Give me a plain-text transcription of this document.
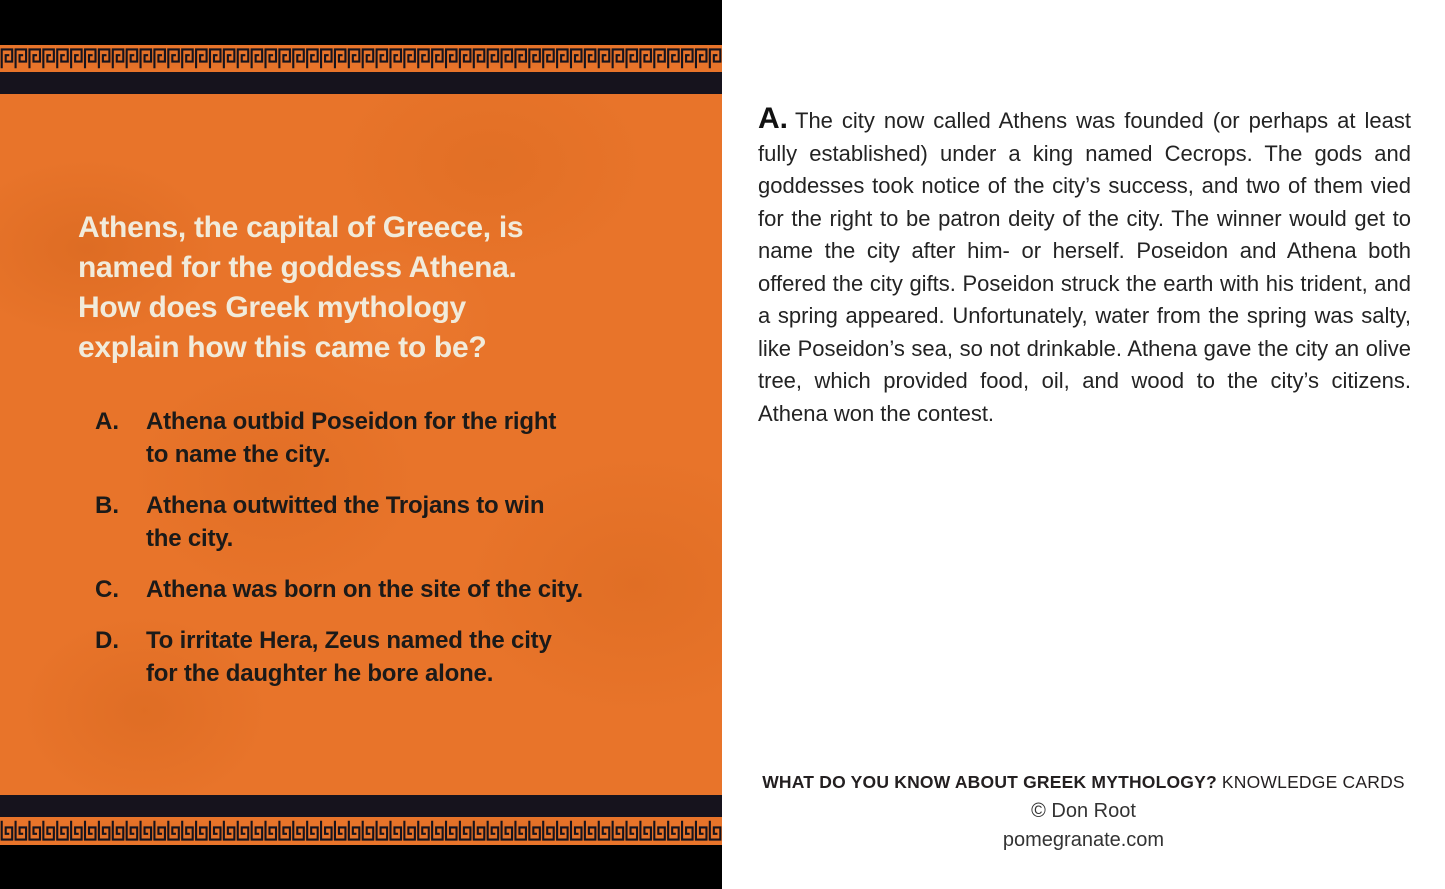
Athens, the capital of Greece, is
named for the goddess Athena.
How does Greek mythology
explain how this came to be?
A.	Athena outbid Poseidon for the right
to name the city.
B.	Athena outwitted the Trojans to win
the city.
C.	Athena was born on the site of the city.
D.	To irritate Hera, Zeus named the city
for the daughter he bore alone.

A. The city now called Athens was founded (or perhaps at least fully established) under a king named Cecrops. The gods and goddesses took notice of the city’s success, and two of them vied for the right to be patron deity of the city. The winner would get to name the city after him- or herself. Poseidon and Athena both offered the city gifts. Poseidon struck the earth with his trident, and a spring appeared. Unfortunately, water from the spring was salty, like Poseidon’s sea, so not drinkable. Athena gave the city an olive tree, which provided food, oil, and wood to the city’s citizens. Athena won the contest.

WHAT DO YOU KNOW ABOUT GREEK MYTHOLOGY? KNOWLEDGE CARDS
© Don Root
pomegranate.com
